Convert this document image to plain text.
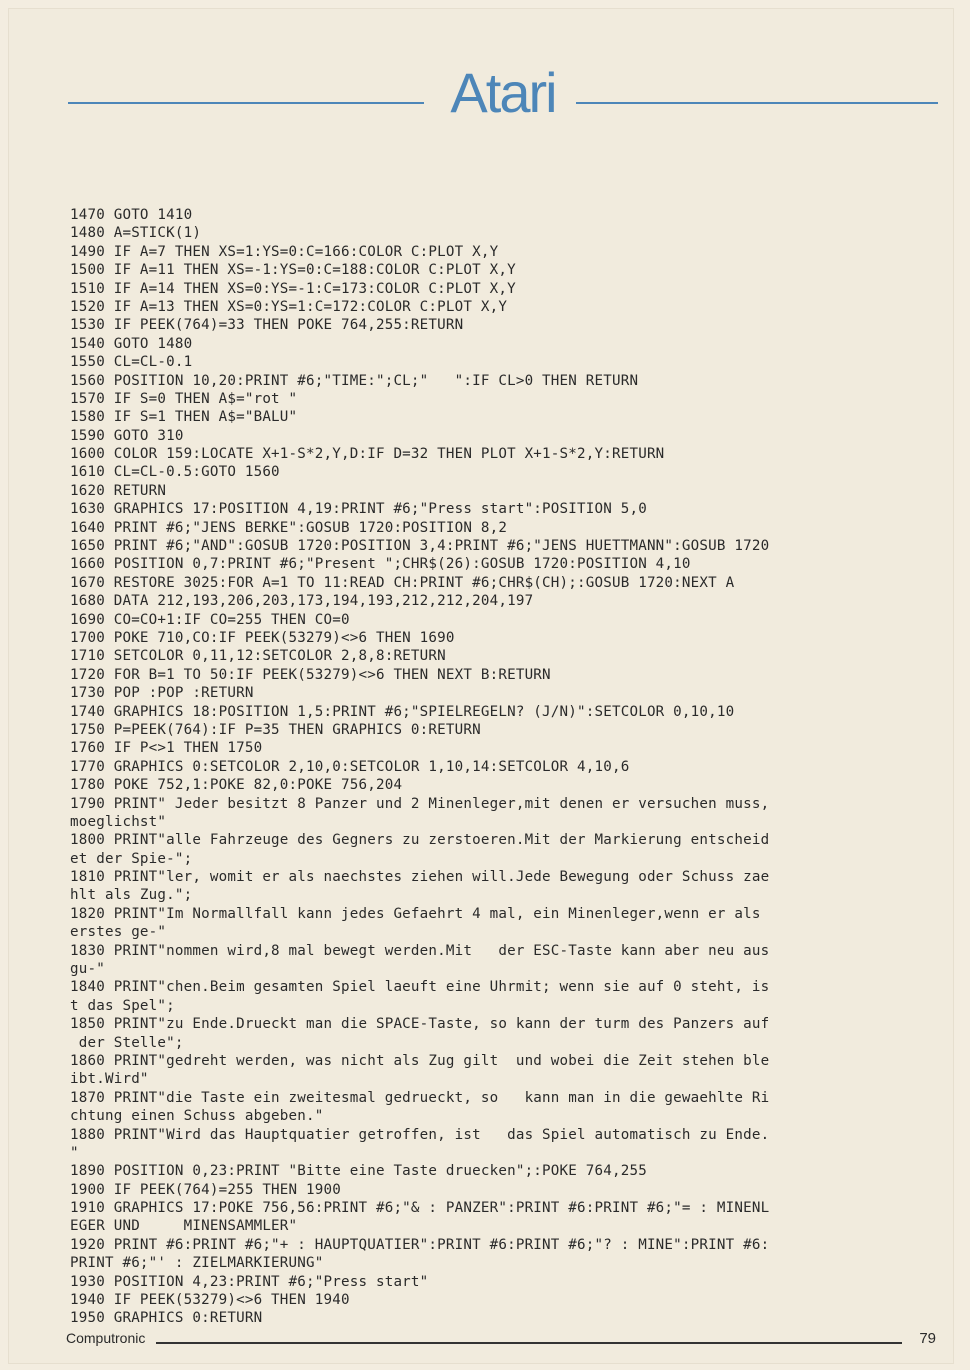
Atari
1470 GOTO 1410
1480 A=STICK(1)
1490 IF A=7 THEN XS=1:YS=0:C=166:COLOR C:PLOT X,Y
1500 IF A=11 THEN XS=-1:YS=0:C=188:COLOR C:PLOT X,Y
1510 IF A=14 THEN XS=0:YS=-1:C=173:COLOR C:PLOT X,Y
1520 IF A=13 THEN XS=0:YS=1:C=172:COLOR C:PLOT X,Y
1530 IF PEEK(764)=33 THEN POKE 764,255:RETURN
1540 GOTO 1480
1550 CL=CL-0.1
1560 POSITION 10,20:PRINT #6;"TIME:";CL;"   ":IF CL>0 THEN RETURN
1570 IF S=0 THEN A$="rot "
1580 IF S=1 THEN A$="BALU"
1590 GOTO 310
1600 COLOR 159:LOCATE X+1-S*2,Y,D:IF D=32 THEN PLOT X+1-S*2,Y:RETURN
1610 CL=CL-0.5:GOTO 1560
1620 RETURN
1630 GRAPHICS 17:POSITION 4,19:PRINT #6;"Press start":POSITION 5,0
1640 PRINT #6;"JENS BERKE":GOSUB 1720:POSITION 8,2
1650 PRINT #6;"AND":GOSUB 1720:POSITION 3,4:PRINT #6;"JENS HUETTMANN":GOSUB 1720
1660 POSITION 0,7:PRINT #6;"Present ";CHR$(26):GOSUB 1720:POSITION 4,10
1670 RESTORE 3025:FOR A=1 TO 11:READ CH:PRINT #6;CHR$(CH);:GOSUB 1720:NEXT A
1680 DATA 212,193,206,203,173,194,193,212,212,204,197
1690 CO=CO+1:IF CO=255 THEN CO=0
1700 POKE 710,CO:IF PEEK(53279)<>6 THEN 1690
1710 SETCOLOR 0,11,12:SETCOLOR 2,8,8:RETURN
1720 FOR B=1 TO 50:IF PEEK(53279)<>6 THEN NEXT B:RETURN
1730 POP :POP :RETURN
1740 GRAPHICS 18:POSITION 1,5:PRINT #6;"SPIELREGELN? (J/N)":SETCOLOR 0,10,10
1750 P=PEEK(764):IF P=35 THEN GRAPHICS 0:RETURN
1760 IF P<>1 THEN 1750
1770 GRAPHICS 0:SETCOLOR 2,10,0:SETCOLOR 1,10,14:SETCOLOR 4,10,6
1780 POKE 752,1:POKE 82,0:POKE 756,204
1790 PRINT" Jeder besitzt 8 Panzer und 2 Minenleger,mit denen er versuchen muss,
moeglichst"
1800 PRINT"alle Fahrzeuge des Gegners zu zerstoeren.Mit der Markierung entscheid
et der Spie-";
1810 PRINT"ler, womit er als naechstes ziehen will.Jede Bewegung oder Schuss zae
hlt als Zug.";
1820 PRINT"Im Normallfall kann jedes Gefaehrt 4 mal, ein Minenleger,wenn er als
erstes ge-"
1830 PRINT"nommen wird,8 mal bewegt werden.Mit   der ESC-Taste kann aber neu aus
gu-"
1840 PRINT"chen.Beim gesamten Spiel laeuft eine Uhrmit; wenn sie auf 0 steht, is
t das Spel";
1850 PRINT"zu Ende.Drueckt man die SPACE-Taste, so kann der turm des Panzers auf
der Stelle";
1860 PRINT"gedreht werden, was nicht als Zug gilt  und wobei die Zeit stehen ble
ibt.Wird"
1870 PRINT"die Taste ein zweitesmal gedrueckt, so   kann man in die gewaehlte Ri
chtung einen Schuss abgeben."
1880 PRINT"Wird das Hauptquatier getroffen, ist   das Spiel automatisch zu Ende.
"
1890 POSITION 0,23:PRINT "Bitte eine Taste druecken";:POKE 764,255
1900 IF PEEK(764)=255 THEN 1900
1910 GRAPHICS 17:POKE 756,56:PRINT #6;"& : PANZER":PRINT #6:PRINT #6;"= : MINENL
EGER UND     MINENSAMMLER"
1920 PRINT #6:PRINT #6;"+ : HAUPTQUATIER":PRINT #6:PRINT #6;"? : MINE":PRINT #6:
PRINT #6;"' : ZIELMARKIERUNG"
1930 POSITION 4,23:PRINT #6;"Press start"
1940 IF PEEK(53279)<>6 THEN 1940
1950 GRAPHICS 0:RETURN
Computronic	79
